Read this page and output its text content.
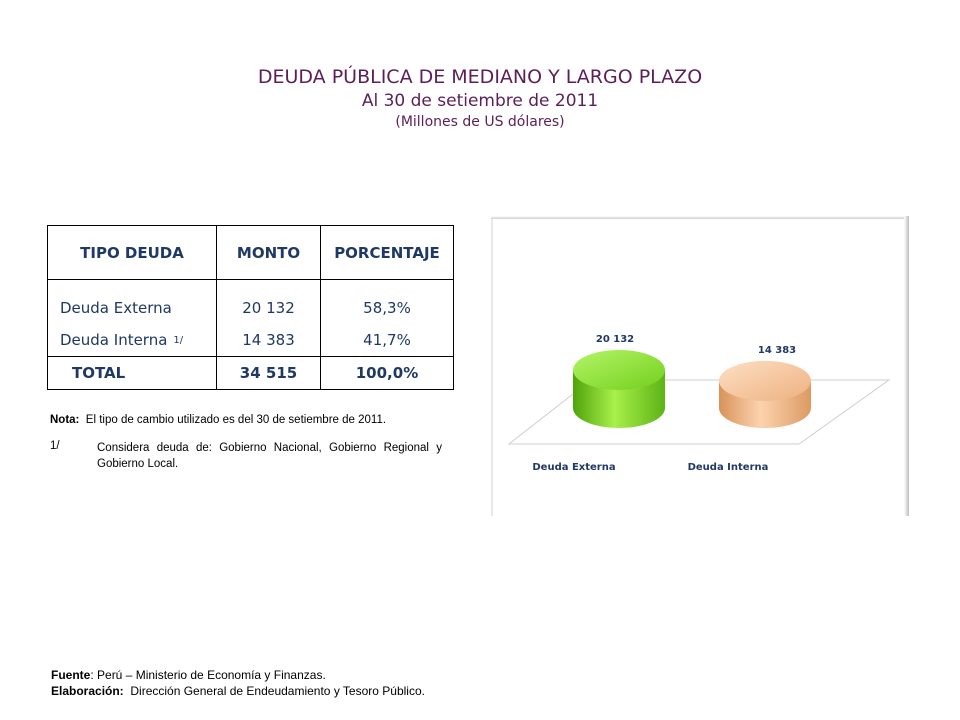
DEUDA PÚBLICA DE MEDIANO Y LARGO PLAZO
Al 30 de setiembre de 2011
(Millones de US dólares)
TIPO DEUDA	MONTO	PORCENTAJE

Deuda Externa	20 132	58,3%
Deuda Interna $^{1/}$	14 383	41,7%
TOTAL	34 515	100,0%
Nota: El tipo de cambio utilizado es del 30 de setiembre de 2011.
1/	Considera deuda de: Gobierno Nacional, Gobierno Regional y Gobierno Local.
20 132
Deuda Externa
14 383
Deuda Interna
Fuente: Perú – Ministerio de Economía y Finanzas.
Elaboración: Dirección General de Endeudamiento y Tesoro Público.
